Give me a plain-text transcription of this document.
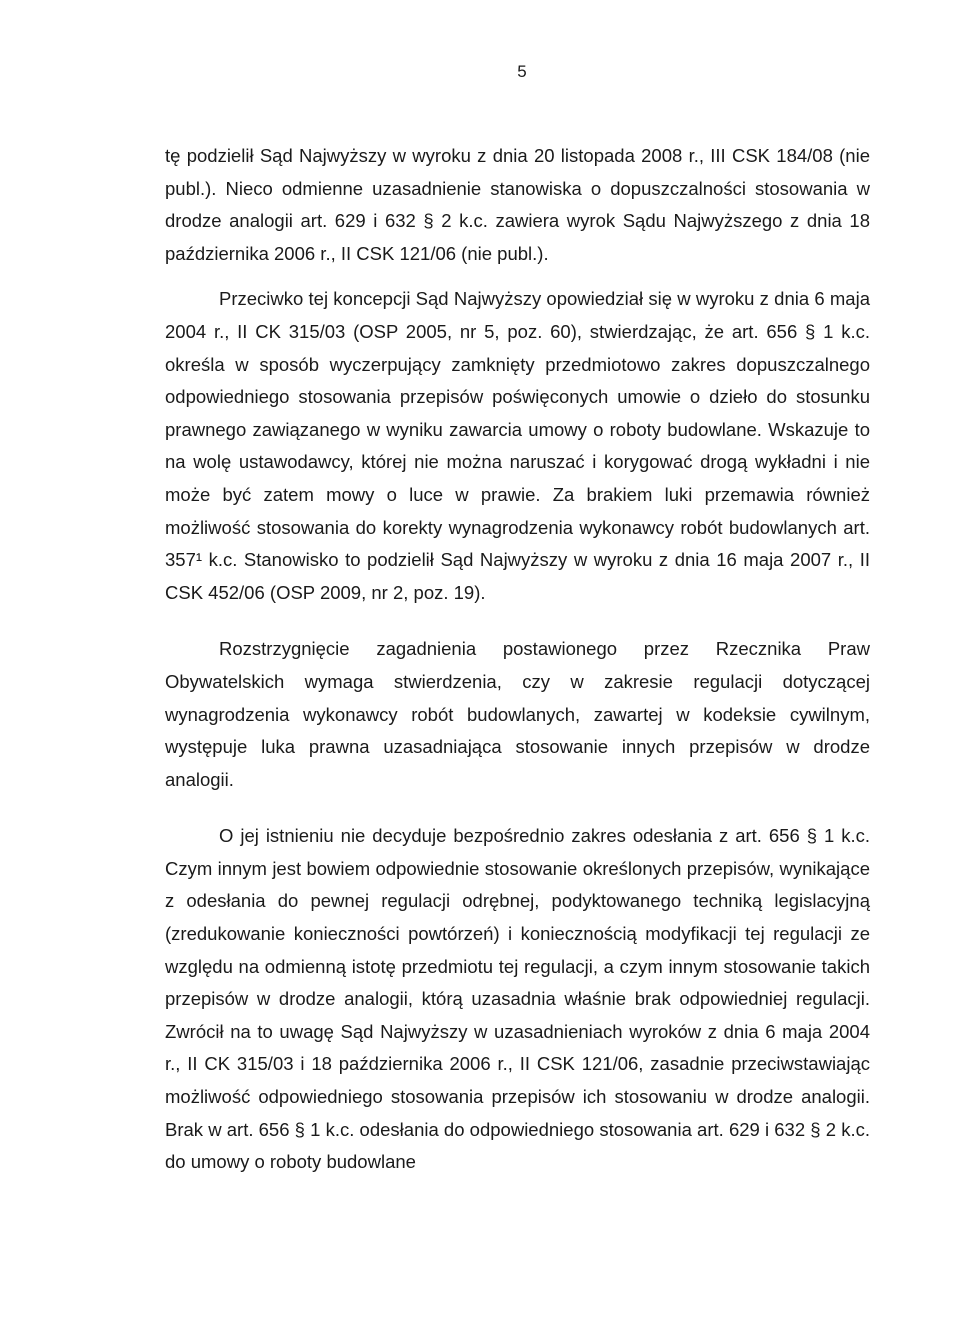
5

tę podzielił Sąd Najwyższy w wyroku z dnia 20 listopada 2008 r., III CSK 184/08 (nie publ.). Nieco odmienne uzasadnienie stanowiska o dopuszczalności stosowania w drodze analogii art. 629 i 632 § 2 k.c. zawiera wyrok Sądu Najwyższego z dnia 18 października 2006 r., II CSK 121/06 (nie publ.).

Przeciwko tej koncepcji Sąd Najwyższy opowiedział się w wyroku z dnia 6 maja 2004 r., II CK 315/03 (OSP 2005, nr 5, poz. 60), stwierdzając, że art. 656 § 1 k.c. określa w sposób wyczerpujący zamknięty przedmiotowo zakres dopuszczalnego odpowiedniego stosowania przepisów poświęconych umowie o dzieło do stosunku prawnego zawiązanego w wyniku zawarcia umowy o roboty budowlane. Wskazuje to na wolę ustawodawcy, której nie można naruszać i korygować drogą wykładni i nie może być zatem mowy o luce w prawie. Za brakiem luki przemawia również możliwość stosowania do korekty wynagrodzenia wykonawcy robót budowlanych art. 357¹ k.c. Stanowisko to podzielił Sąd Najwyższy w wyroku z dnia 16 maja 2007 r., II CSK 452/06 (OSP 2009, nr 2, poz. 19).

Rozstrzygnięcie zagadnienia postawionego przez Rzecznika Praw Obywatelskich wymaga stwierdzenia, czy w zakresie regulacji dotyczącej wynagrodzenia wykonawcy robót budowlanych, zawartej w kodeksie cywilnym, występuje luka prawna uzasadniająca stosowanie innych przepisów w drodze analogii.

O jej istnieniu nie decyduje bezpośrednio zakres odesłania z art. 656 § 1 k.c. Czym innym jest bowiem odpowiednie stosowanie określonych przepisów, wynikające z odesłania do pewnej regulacji odrębnej, podyktowanego techniką legislacyjną (zredukowanie konieczności powtórzeń) i koniecznością modyfikacji tej regulacji ze względu na odmienną istotę przedmiotu tej regulacji, a czym innym stosowanie takich przepisów w drodze analogii, którą uzasadnia właśnie brak odpowiedniej regulacji. Zwrócił na to uwagę Sąd Najwyższy w uzasadnieniach wyroków z dnia 6 maja 2004 r., II CK 315/03 i 18 października 2006 r., II CSK 121/06, zasadnie przeciwstawiając możliwość odpowiedniego stosowania przepisów ich stosowaniu w drodze analogii. Brak w art. 656 § 1 k.c. odesłania do odpowiedniego stosowania art. 629 i 632 § 2 k.c. do umowy o roboty budowlane
